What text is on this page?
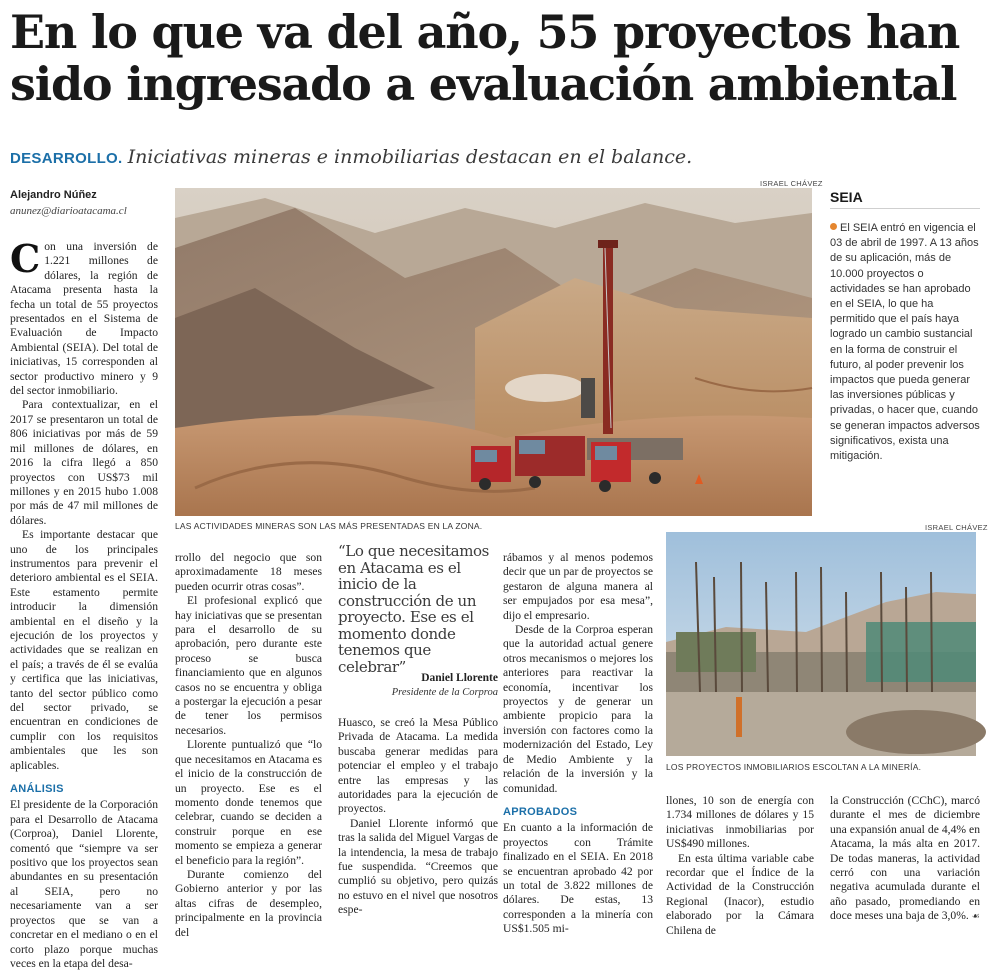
En lo que va del año, 55 proyectos han sido ingresado a evaluación ambiental
DESARROLLO. Iniciativas mineras e inmobiliarias destacan en el balance.
Alejandro Núñez
anunez@diarioatacama.cl
ISRAEL CHÁVEZ
LAS ACTIVIDADES MINERAS SON LAS MÁS PRESENTADAS EN LA ZONA.
SEIA
El SEIA entró en vigencia el 03 de abril de 1997. A 13 años de su aplicación, más de 10.000 proyectos o actividades se han aprobado en el SEIA, lo que ha permitido que el país haya logrado un cambio sustancial en la forma de construir el futuro, al poder prevenir los impactos que pueda generar las inversiones públicas y privadas, o hacer que, cuando se generan impactos adversos significativos, exista una mitigación.

Con una inversión de 1.221 millones de dólares, la región de Atacama presenta hasta la fecha un total de 55 proyectos presentados en el Sistema de Evaluación de Impacto Ambiental (SEIA). Del total de iniciativas, 15 corresponden al sector productivo minero y 9 del sector inmobiliario.

Para contextualizar, en el 2017 se presentaron un total de 806 iniciativas por más de 59 mil millones de dólares, en 2016 la cifra llegó a 850 proyectos con US$73 mil millones y en 2015 hubo 1.008 por más de 47 mil millones de dólares.

Es importante destacar que uno de los principales instrumentos para prevenir el deterioro ambiental es el SEIA. Este estamento permite introducir la dimensión ambiental en el diseño y la ejecución de los proyectos y actividades que se realizan en el país; a través de él se evalúa y certifica que las iniciativas, tanto del sector público como del sector privado, se encuentran en condiciones de cumplir con los requisitos ambientales que les son aplicables.

ANÁLISIS

El presidente de la Corporación para el Desarrollo de Atacama (Corproa), Daniel Llorente, comentó que “siempre va ser positivo que los proyectos sean abundantes en su presentación al SEIA, pero no necesariamente van a ser proyectos que se van a concretar en el mediano o en el corto plazo porque muchas veces en la etapa del desa-

rrollo del negocio que son aproximadamente 18 meses pueden ocurrir otras cosas”.

El profesional explicó que hay iniciativas que se presentan para el desarrollo de su aprobación, pero durante este proceso se busca financiamiento que en algunos casos no se encuentra y obliga a postergar la ejecución a pesar de tener los permisos necesarios.

Llorente puntualizó que “lo que necesitamos en Atacama es el inicio de la construcción de un proyecto. Ese es el momento donde tenemos que celebrar, cuando se deciden a construir porque en ese momento se empieza a generar el beneficio para la región”.

Durante comienzo del Gobierno anterior y por las altas cifras de desempleo, principalmente en la provincia del

“Lo que necesitamos en Atacama es el inicio de la construcción de un proyecto. Ese es el momento donde tenemos que celebrar”
Daniel Llorente
Presidente de la Corproa

Huasco, se creó la Mesa Público Privada de Atacama. La medida buscaba generar medidas para potenciar el empleo y el trabajo entre las empresas y las autoridades para la ejecución de proyectos.

Daniel Llorente informó que tras la salida del Miguel Vargas de la intendencia, la mesa de trabajo fue suspendida. “Creemos que cumplió su objetivo, pero quizás no estuvo en el nivel que nosotros espe-

rábamos y al menos podemos decir que un par de proyectos se gestaron de alguna manera al ser empujados por esa mesa”, dijo el empresario.

Desde de la Corproa esperan que la autoridad actual genere otros mecanismos o mejores los anteriores para reactivar la economía, incentivar los proyectos y de generar un ambiente propicio para la inversión con factores como la modernización del Estado, Ley de Medio Ambiente y la relación de la inversión y la comunidad.

APROBADOS

En cuanto a la información de proyectos con Trámite finalizado en el SEIA. En 2018 se encuentran aprobado 42 por un total de 3.822 millones de dólares. De estas, 13 corresponden a la minería con US$1.505 mi-

ISRAEL CHÁVEZ
LOS PROYECTOS INMOBILIARIOS ESCOLTAN A LA MINERÍA.

llones, 10 son de energía con 1.734 millones de dólares y 15 iniciativas inmobiliarias por US$490 millones.

En esta última variable cabe recordar que el Índice de la Actividad de la Construcción Regional (Inacor), estudio elaborado por la Cámara Chilena de

la Construcción (CChC), marcó durante el mes de diciembre una expansión anual de 4,4% en Atacama, la más alta en 2017. De todas maneras, la actividad cerró con una variación negativa acumulada durante el año pasado, promediando en doce meses una baja de 3,0%. ☙
